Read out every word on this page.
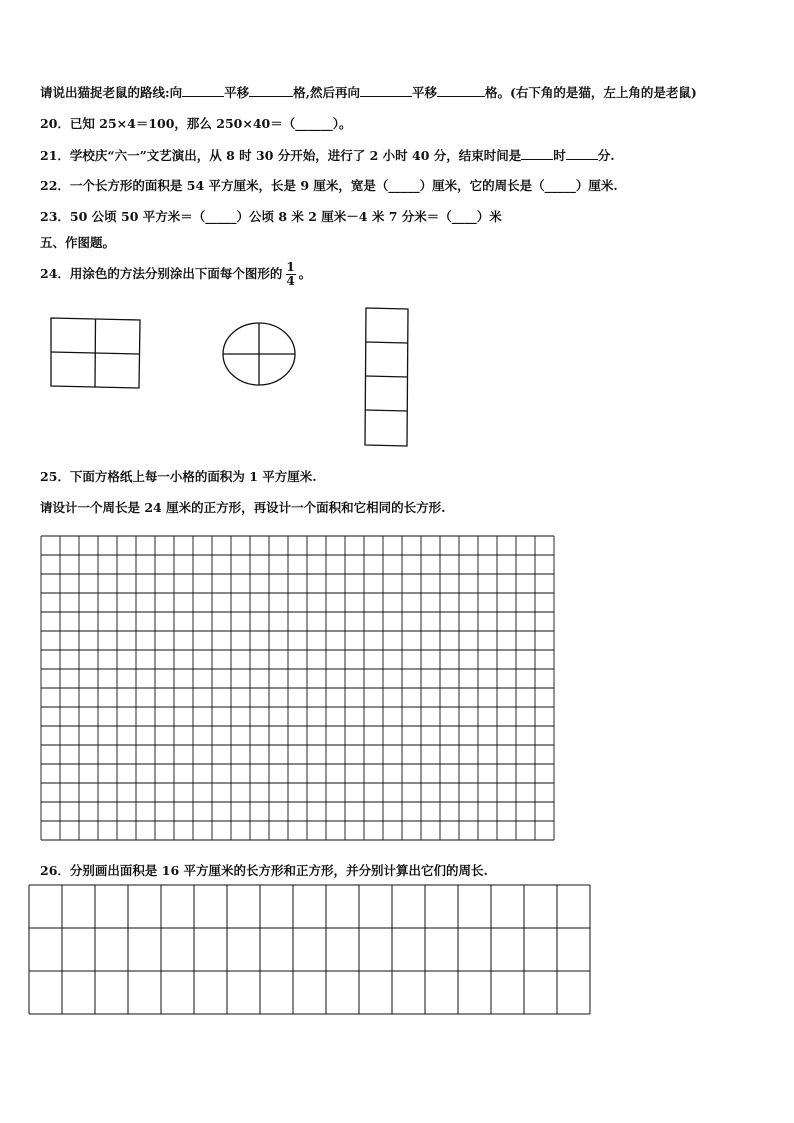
请说出猫捉老鼠的路线:向	平移	格,然后再向	平移	格。(右下角的是猫，左上角的是老鼠)
20．已知 25×4＝100，那么 250×40＝（______）。
21．学校庆“六一”文艺演出，从 8 时 30 分开始，进行了 2 小时 40 分，结束时间是	时	分.
22．一个长方形的面积是 54 平方厘米，长是 9 厘米，宽是（_____）厘米，它的周长是（_____）厘米.
23．50 公顷 50 平方米＝（_____）公顷 8 米 2 厘米－4 米 7 分米＝（____）米
五、作图题。
24．用涂色的方法分别涂出下面每个图形的 $\frac{1}{4}$ 。
25．下面方格纸上每一小格的面积为 1 平方厘米.
请设计一个周长是 24 厘米的正方形，再设计一个面积和它相同的长方形.
26．分别画出面积是 16 平方厘米的长方形和正方形，并分别计算出它们的周长.
